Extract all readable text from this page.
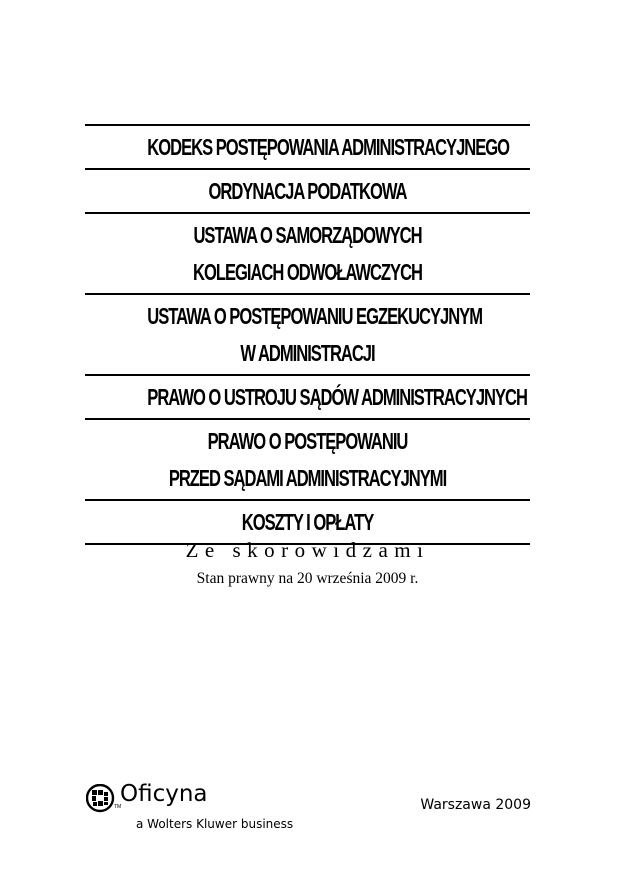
KODEKS POSTĘPOWANIA ADMINISTRACYJNEGO
ORDYNACJA PODATKOWA
USTAWA O SAMORZĄDOWYCH
KOLEGIACH ODWOŁAWCZYCH
USTAWA O POSTĘPOWANIU EGZEKUCYJNYM
W ADMINISTRACJI
PRAWO O USTROJU SĄDÓW ADMINISTRACYJNYCH
PRAWO O POSTĘPOWANIU
PRZED SĄDAMI ADMINISTRACYJNYMI
KOSZTY I OPŁATY
Ze skorowidzami
Stan prawny na 20 września 2009 r.
TM
Oficyna
a Wolters Kluwer business
Warszawa 2009
